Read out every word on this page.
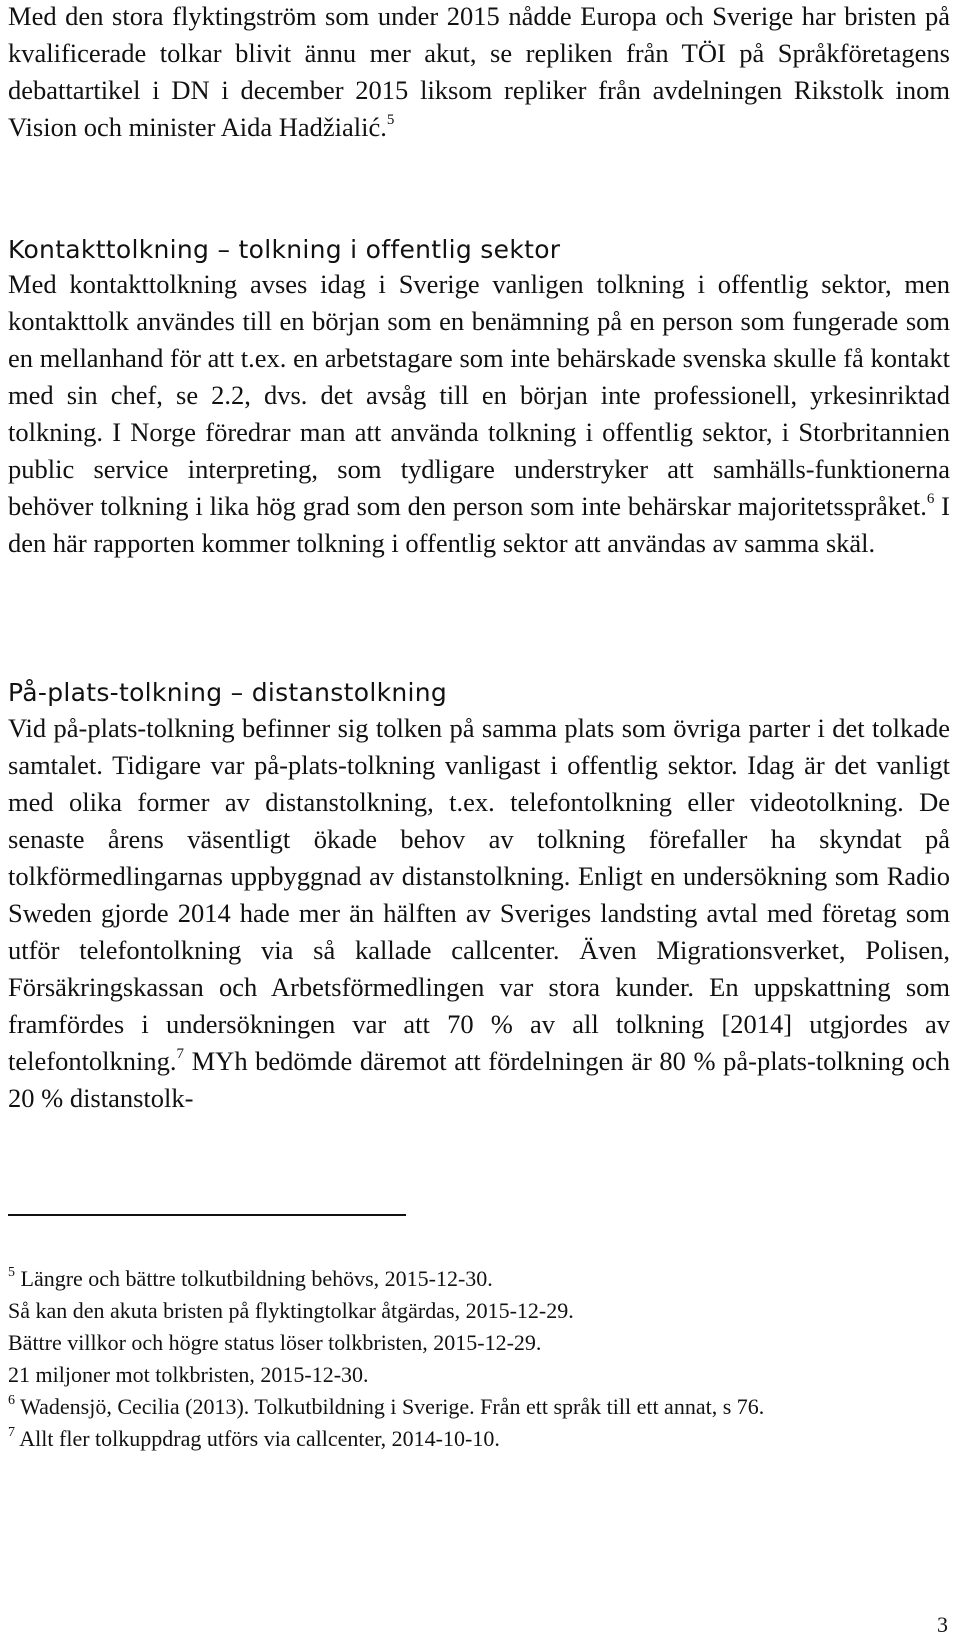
Med den stora flyktingström som under 2015 nådde Europa och Sverige har bristen på kvalificerade tolkar blivit ännu mer akut, se repliken från TÖI på Språkföretagens debattartikel i DN i december 2015 liksom repliker från avdelningen Rikstolk inom Vision och minister Aida Hadžialić.$^5$

Kontakttolkning – tolkning i offentlig sektor

Med kontakttolkning avses idag i Sverige vanligen tolkning i offentlig sektor, men kontakttolk användes till en början som en benämning på en person som fungerade som en mellanhand för att t.ex. en arbetstagare som inte behärskade svenska skulle få kontakt med sin chef, se 2.2, dvs. det avsåg till en början inte professionell, yrkesinriktad tolkning. I Norge föredrar man att använda tolkning i offentlig sektor, i Storbritannien public service interpreting, som tydligare understryker att samhälls-funktionerna behöver tolkning i lika hög grad som den person som inte behärskar majoritetsspråket.$^6$ I den här rapporten kommer tolkning i offentlig sektor att användas av samma skäl.

På-plats-tolkning – distanstolkning

Vid på-plats-tolkning befinner sig tolken på samma plats som övriga parter i det tolkade samtalet. Tidigare var på-plats-tolkning vanligast i offentlig sektor. Idag är det vanligt med olika former av distanstolkning, t.ex. telefontolkning eller videotolkning. De senaste årens väsentligt ökade behov av tolkning förefaller ha skyndat på tolkförmedlingarnas uppbyggnad av distanstolkning. Enligt en undersökning som Radio Sweden gjorde 2014 hade mer än hälften av Sveriges landsting avtal med företag som utför telefontolkning via så kallade callcenter. Även Migrationsverket, Polisen, Försäkringskassan och Arbetsförmedlingen var stora kunder. En uppskattning som framfördes i undersökningen var att 70 % av all tolkning [2014] utgjordes av telefontolkning.$^7$ MYh bedömde däremot att fördelningen är 80 % på-plats-tolkning och 20 % distanstolk-

$^5$ Längre och bättre tolkutbildning behövs, 2015-12-30.

Så kan den akuta bristen på flyktingtolkar åtgärdas, 2015-12-29.

Bättre villkor och högre status löser tolkbristen, 2015-12-29.

21 miljoner mot tolkbristen, 2015-12-30.

$^6$ Wadensjö, Cecilia (2013). Tolkutbildning i Sverige. Från ett språk till ett annat, s 76.

$^7$ Allt fler tolkuppdrag utförs via callcenter, 2014-10-10.

3
